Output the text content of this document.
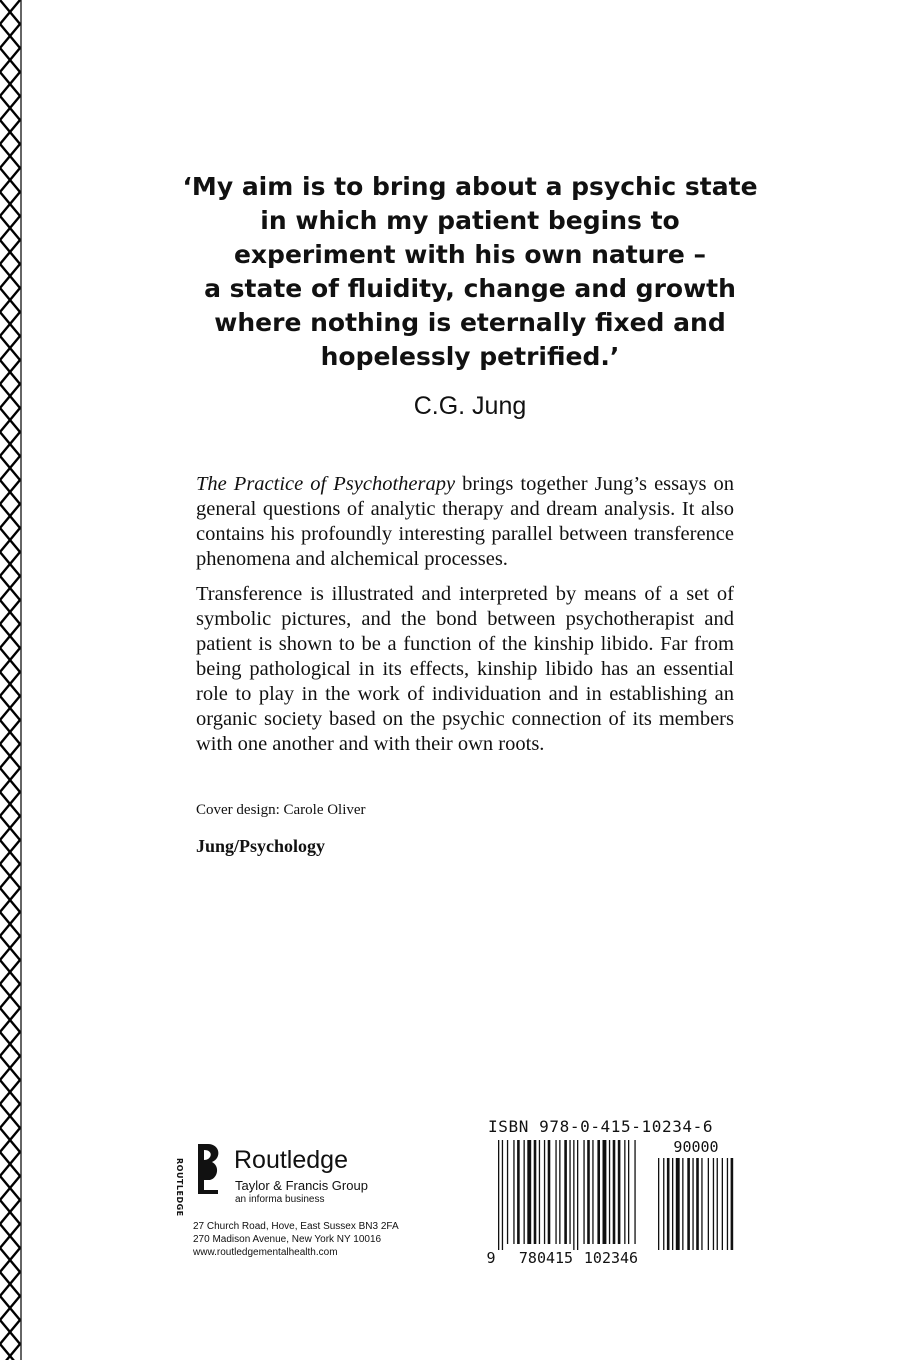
‘My aim is to bring about a psychic state
in which my patient begins to
experiment with his own nature –
a state of fluidity, change and growth
where nothing is eternally fixed and
hopelessly petrified.’
C.G. Jung
The Practice of Psychotherapy brings together Jung’s essays on general questions of analytic therapy and dream analysis. It also contains his profoundly interesting parallel between transference phenomena and alchemical processes.
Transference is illustrated and interpreted by means of a set of symbolic pictures, and the bond between psychotherapist and patient is shown to be a function of the kinship libido. Far from being pathological in its effects, kinship libido has an essential role to play in the work of individuation and in establishing an organic society based on the psychic connection of its members with one another and with their own roots.
Cover design: Carole Oliver
Jung/Psychology
ROUTLEDGE Routledge
Taylor & Francis Group
an informa business
27 Church Road, Hove, East Sussex BN3 2FA
270 Madison Avenue, New York NY 10016
www.routledgementalhealth.com
ISBN 978-0-415-10234-6
90000
9 780415 102346
